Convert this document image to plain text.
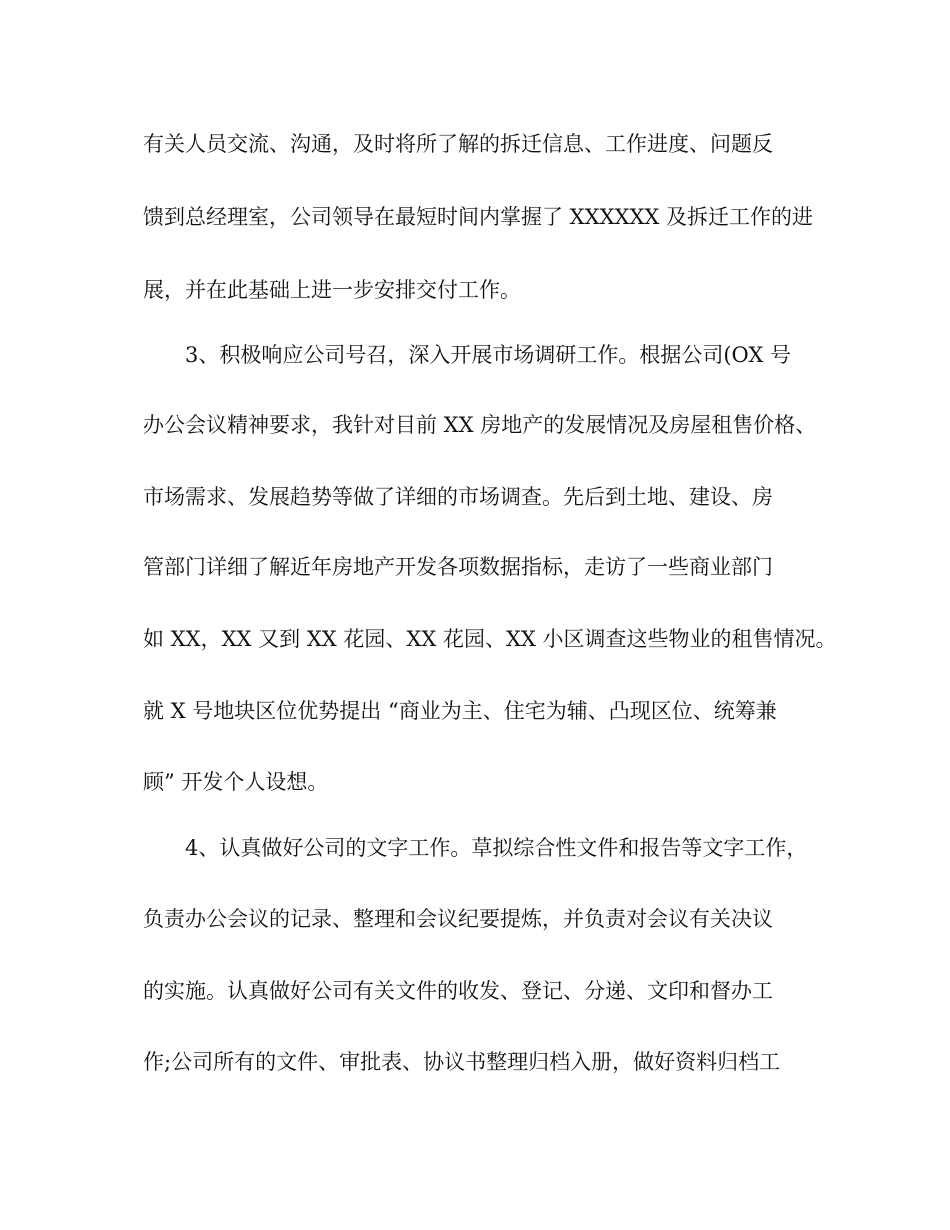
有关人员交流、沟通，及时将所了解的拆迁信息、工作进度、问题反
馈到总经理室，公司领导在最短时间内掌握了 XXXXXX 及拆迁工作的进
展，并在此基础上进一步安排交付工作。
3、积极响应公司号召，深入开展市场调研工作。根据公司(OX 号
办公会议精神要求，我针对目前 XX 房地产的发展情况及房屋租售价格、
市场需求、发展趋势等做了详细的市场调查。先后到土地、建设、房
管部门详细了解近年房地产开发各项数据指标，走访了一些商业部门
如 XX，XX 又到 XX 花园、XX 花园、XX 小区调查这些物业的租售情况。
就 X 号地块区位优势提出 “商业为主、住宅为辅、凸现区位、统筹兼
顾” 开发个人设想。
4、认真做好公司的文字工作。草拟综合性文件和报告等文字工作，
负责办公会议的记录、整理和会议纪要提炼，并负责对会议有关决议
的实施。认真做好公司有关文件的收发、登记、分递、文印和督办工
作;公司所有的文件、审批表、协议书整理归档入册，做好资料归档工
